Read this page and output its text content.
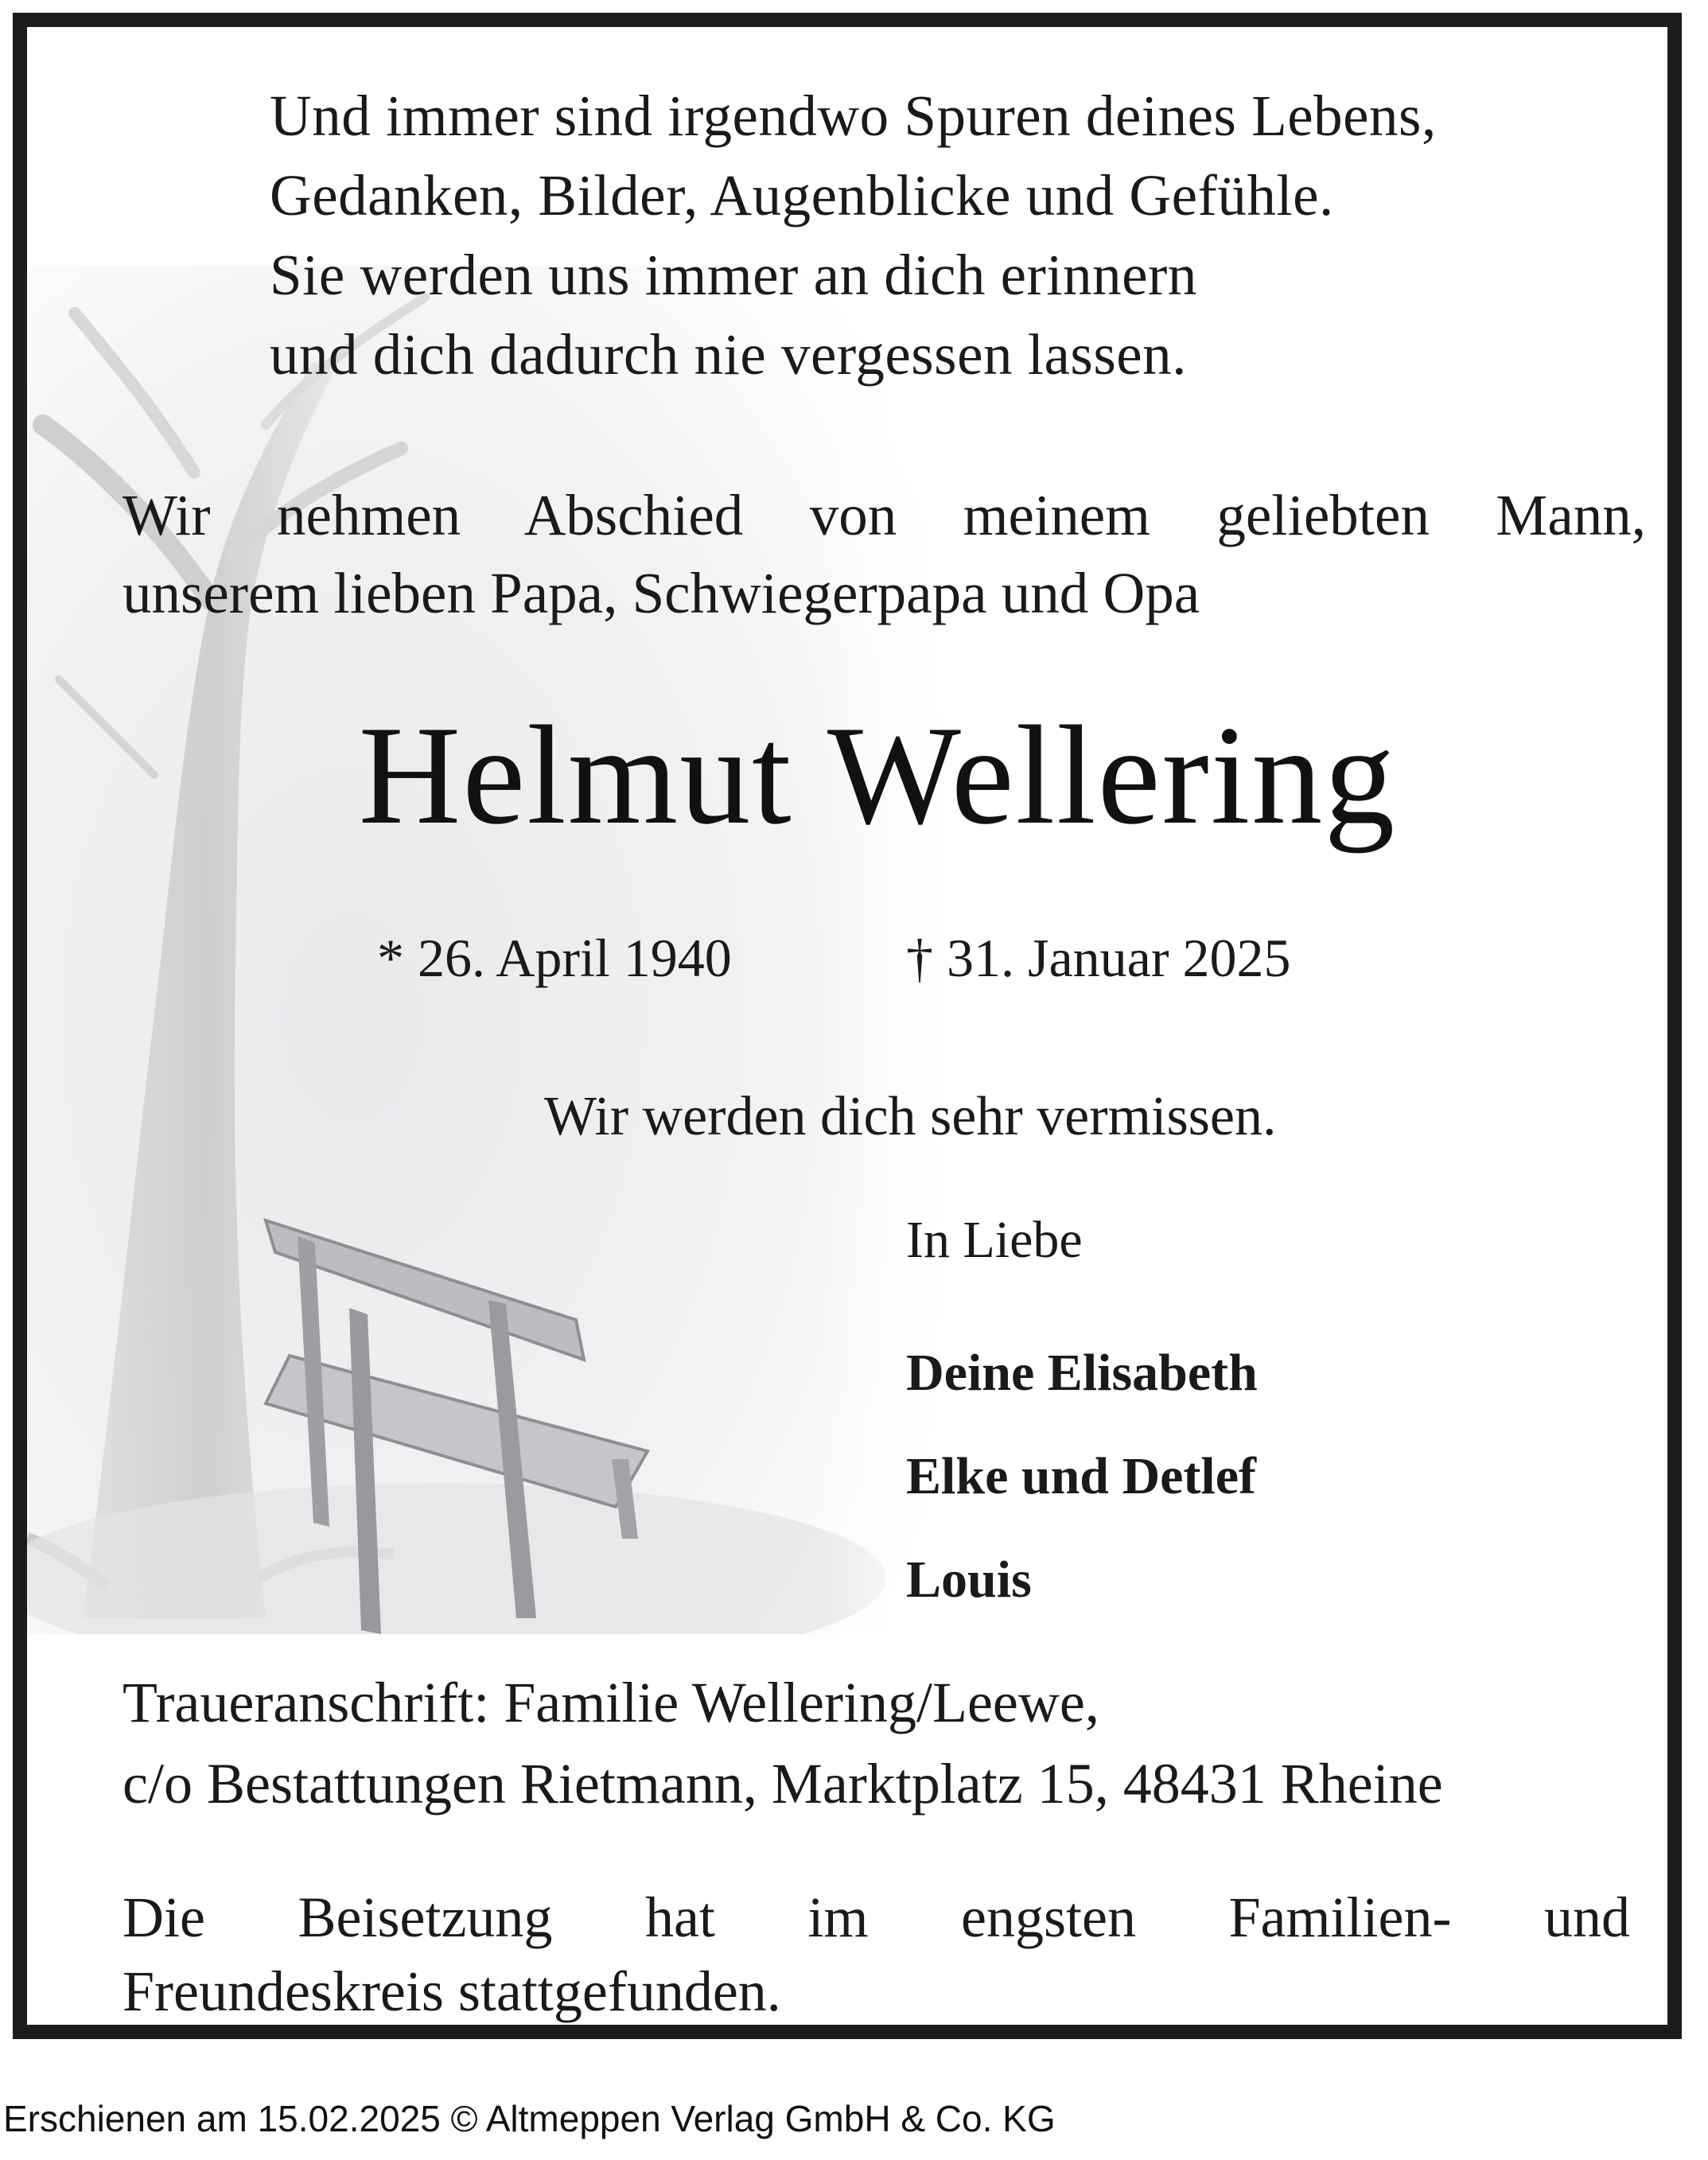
Und immer sind irgendwo Spuren deines Lebens,
Gedanken, Bilder, Augenblicke und Gefühle.
Sie werden uns immer an dich erinnern
und dich dadurch nie vergessen lassen.
Wir nehmen Abschied von meinem geliebten Mann,
unserem lieben Papa, Schwiegerpapa und Opa
Helmut Wellering
* 26. April 1940	† 31. Januar 2025
Wir werden dich sehr vermissen.
In Liebe
Deine Elisabeth
Elke und Detlef
Louis
Traueranschrift: Familie Wellering/Leewe,
c/o Bestattungen Rietmann, Marktplatz 15, 48431 Rheine
Die Beisetzung hat im engsten Familien- und
Freundeskreis stattgefunden.
Erschienen am 15.02.2025 © Altmeppen Verlag GmbH & Co. KG
